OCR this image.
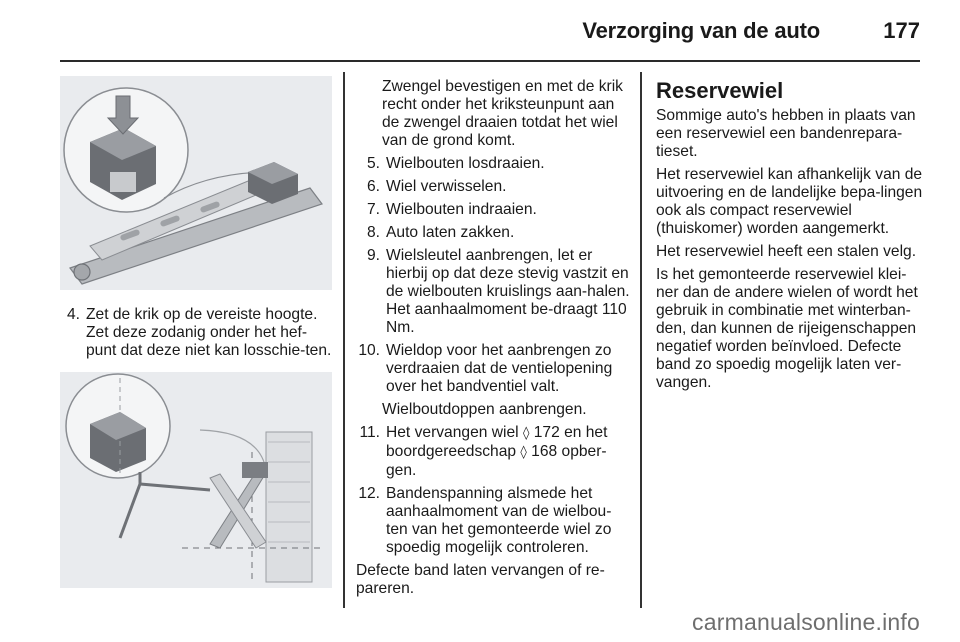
Verzorging van de auto	177
4. Zet de krik op de vereiste hoogte. Zet deze zodanig onder het hef-punt dat deze niet kan losschie-ten.
Zwengel bevestigen en met de krik recht onder het kriksteunpunt aan de zwengel draaien totdat het wiel van de grond komt.
5. Wielbouten losdraaien.
6. Wiel verwisselen.
7. Wielbouten indraaien.
8. Auto laten zakken.
9. Wielsleutel aanbrengen, let er hierbij op dat deze stevig vastzit en de wielbouten kruislings aan-halen. Het aanhaalmoment be-draagt 110 Nm.
10. Wieldop voor het aanbrengen zo verdraaien dat de ventielopening over het bandventiel valt.
Wielboutdoppen aanbrengen.
11. Het vervangen wiel ◊ 172 en het boordgereedschap ◊ 168 opber-gen.
12. Bandenspanning alsmede het aanhaalmoment van de wielbou-ten van het gemonteerde wiel zo spoedig mogelijk controleren.
Defecte band laten vervangen of re-pareren.
Reservewiel
Sommige auto's hebben in plaats van een reservewiel een bandenrepara-tieset.
Het reservewiel kan afhankelijk van de uitvoering en de landelijke bepa-lingen ook als compact reservewiel (thuiskomer) worden aangemerkt.
Het reservewiel heeft een stalen velg.
Is het gemonteerde reservewiel klei-ner dan de andere wielen of wordt het gebruik in combinatie met winterban-den, dan kunnen de rijeigenschappen negatief worden beïnvloed. Defecte band zo spoedig mogelijk laten ver-vangen.
carmanualsonline.info
